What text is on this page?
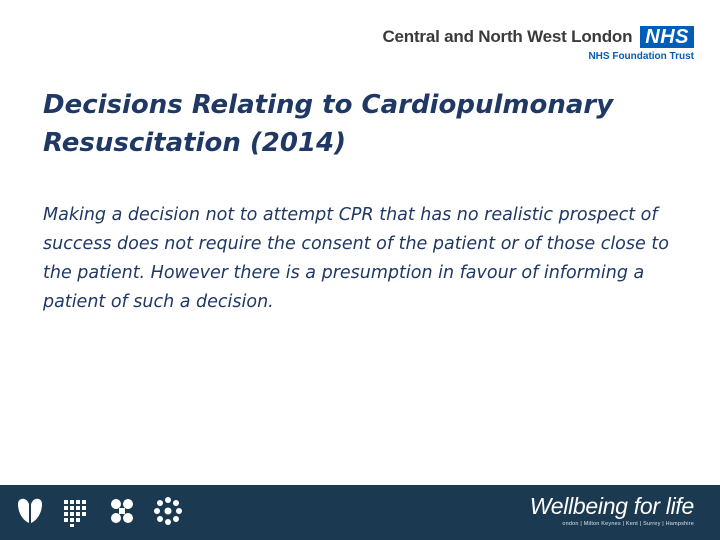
Central and North West London NHS
NHS Foundation Trust
Decisions Relating to Cardiopulmonary Resuscitation (2014)

Making a decision not to attempt CPR that has no realistic prospect of success does not require the consent of the patient or of those close to the patient. However there is a presumption in favour of informing a patient of such a decision.

Wellbeing for life
ondon | Milton Keynes | Kent | Surrey | Hampshire
